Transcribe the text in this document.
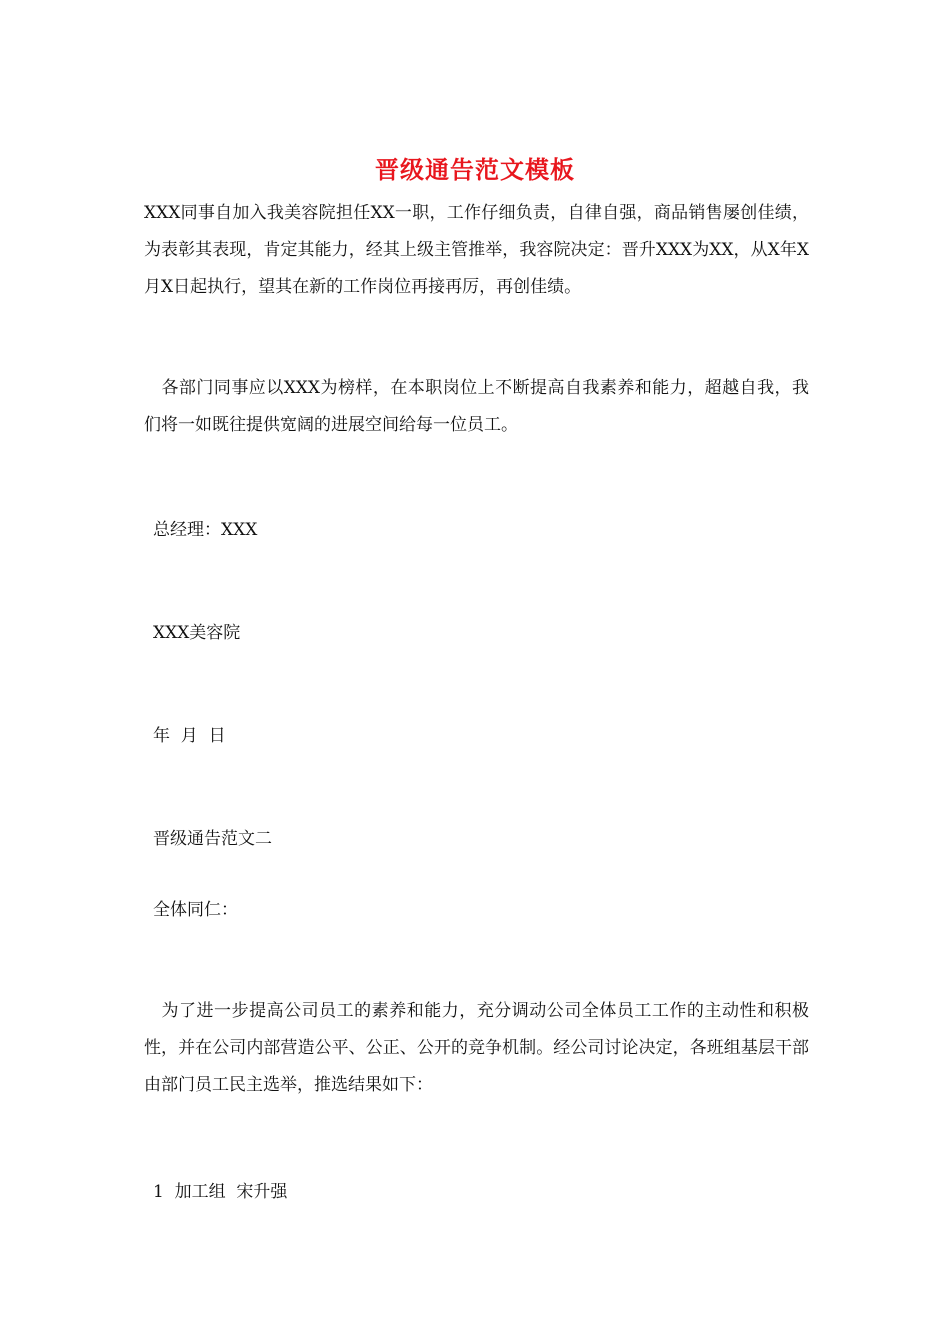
晋级通告范文模板

XXX同事自加入我美容院担任XX一职，工作仔细负责，自律自强，商品销售屡创佳绩，为表彰其表现，肯定其能力，经其上级主管推举，我容院决定：晋升XXX为XX，从X年X月X日起执行，望其在新的工作岗位再接再厉，再创佳绩。

　各部门同事应以XXX为榜样，在本职岗位上不断提高自我素养和能力，超越自我，我们将一如既往提供宽阔的进展空间给每一位员工。

总经理：XXX

XXX美容院

年  月  日

晋级通告范文二

全体同仁：

　为了进一步提高公司员工的素养和能力，充分调动公司全体员工工作的主动性和积极性，并在公司内部营造公平、公正、公开的竞争机制。经公司讨论决定，各班组基层干部由部门员工民主选举，推选结果如下：

1  加工组  宋升强
